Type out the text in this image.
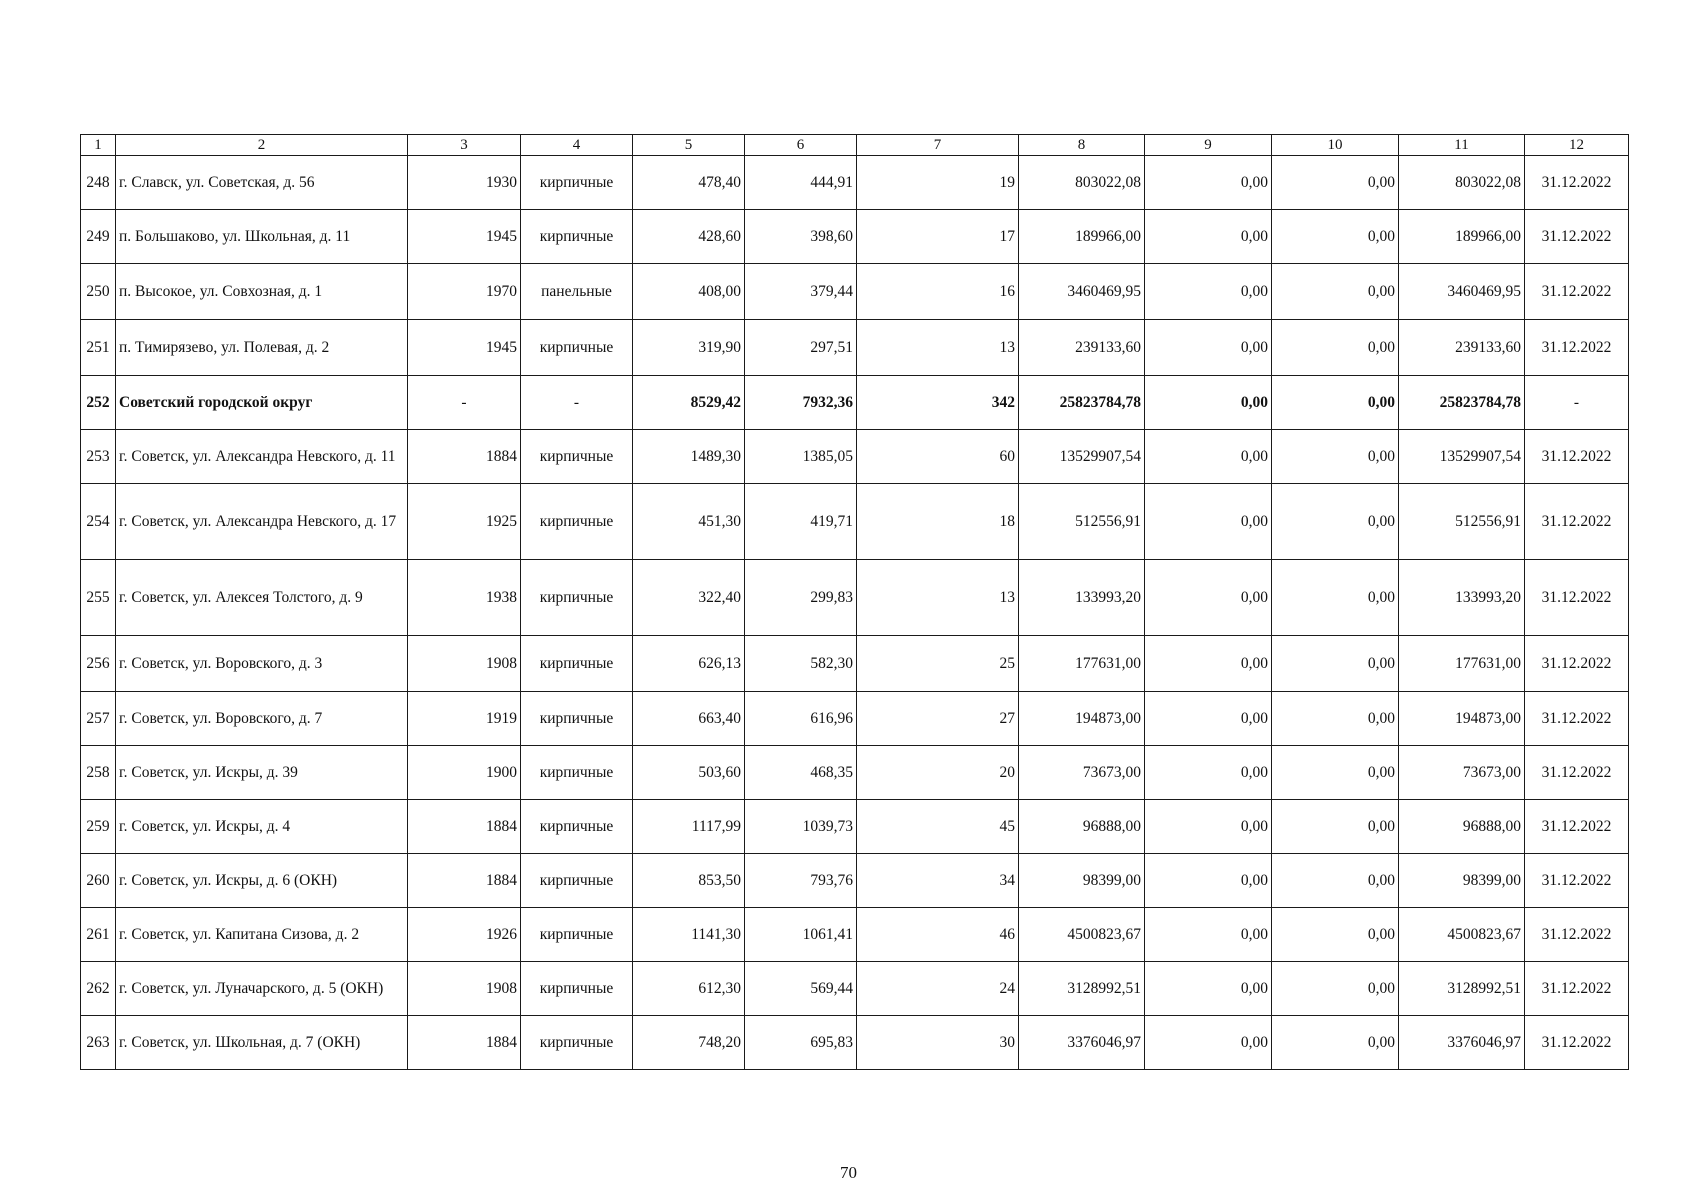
1	2	3	4	5	6	7	8	9	10	11	12
248	г. Славск, ул. Советская, д. 56	1930	кирпичные	478,40	444,91	19	803022,08	0,00	0,00	803022,08	31.12.2022
249	п. Большаково, ул. Школьная, д. 11	1945	кирпичные	428,60	398,60	17	189966,00	0,00	0,00	189966,00	31.12.2022
250	п. Высокое, ул. Совхозная, д. 1	1970	панельные	408,00	379,44	16	3460469,95	0,00	0,00	3460469,95	31.12.2022
251	п. Тимирязево, ул. Полевая, д. 2	1945	кирпичные	319,90	297,51	13	239133,60	0,00	0,00	239133,60	31.12.2022
252	Советский городской округ	-	-	8529,42	7932,36	342	25823784,78	0,00	0,00	25823784,78	-
253	г. Советск, ул. Александра Невского, д. 11	1884	кирпичные	1489,30	1385,05	60	13529907,54	0,00	0,00	13529907,54	31.12.2022
254	г. Советск, ул. Александра Невского, д. 17	1925	кирпичные	451,30	419,71	18	512556,91	0,00	0,00	512556,91	31.12.2022
255	г. Советск, ул. Алексея Толстого, д. 9	1938	кирпичные	322,40	299,83	13	133993,20	0,00	0,00	133993,20	31.12.2022
256	г. Советск, ул. Воровского, д. 3	1908	кирпичные	626,13	582,30	25	177631,00	0,00	0,00	177631,00	31.12.2022
257	г. Советск, ул. Воровского, д. 7	1919	кирпичные	663,40	616,96	27	194873,00	0,00	0,00	194873,00	31.12.2022
258	г. Советск, ул. Искры, д. 39	1900	кирпичные	503,60	468,35	20	73673,00	0,00	0,00	73673,00	31.12.2022
259	г. Советск, ул. Искры, д. 4	1884	кирпичные	1117,99	1039,73	45	96888,00	0,00	0,00	96888,00	31.12.2022
260	г. Советск, ул. Искры, д. 6 (ОКН)	1884	кирпичные	853,50	793,76	34	98399,00	0,00	0,00	98399,00	31.12.2022
261	г. Советск, ул. Капитана Сизова, д. 2	1926	кирпичные	1141,30	1061,41	46	4500823,67	0,00	0,00	4500823,67	31.12.2022
262	г. Советск, ул. Луначарского, д. 5 (ОКН)	1908	кирпичные	612,30	569,44	24	3128992,51	0,00	0,00	3128992,51	31.12.2022
263	г. Советск, ул. Школьная, д. 7 (ОКН)	1884	кирпичные	748,20	695,83	30	3376046,97	0,00	0,00	3376046,97	31.12.2022
70
